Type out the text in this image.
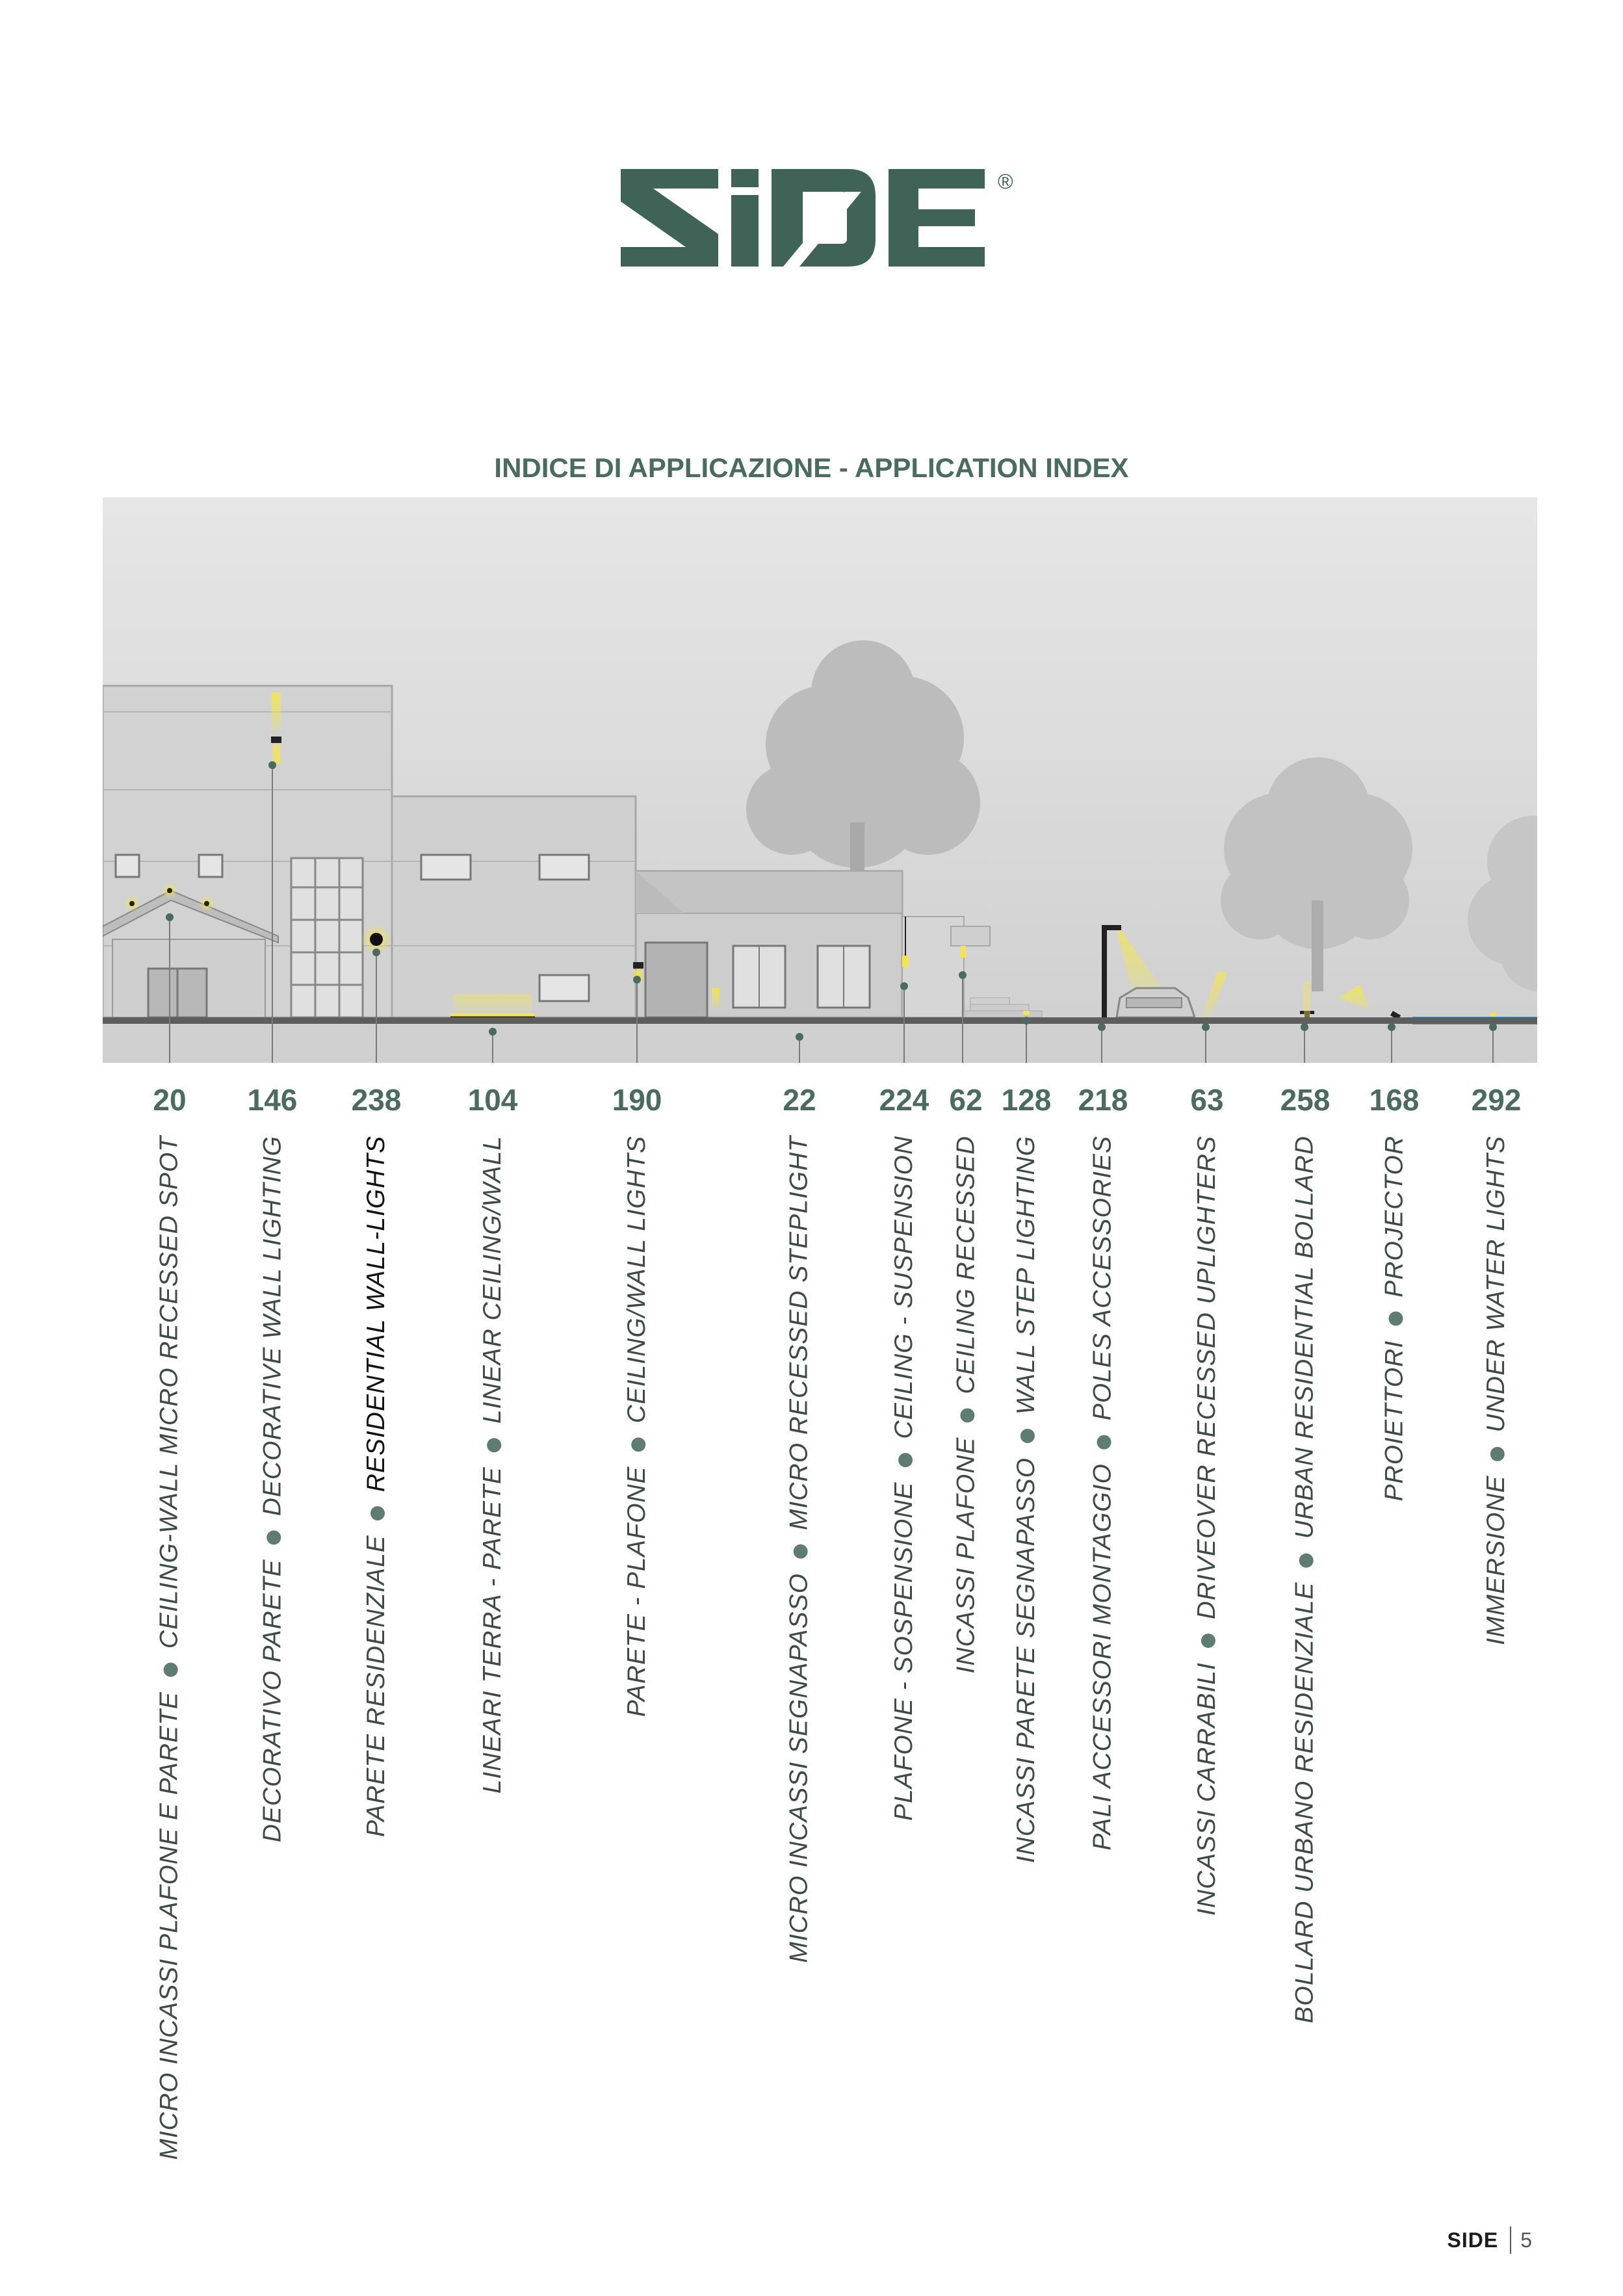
®
INDICE DI APPLICAZIONE - APPLICATION INDEX
20
MICRO INCASSI PLAFONE E PARETECEILING-WALL MICRO RECESSED SPOT
146
DECORATIVO PARETEDECORATIVE WALL LIGHTING
238
PARETE RESIDENZIALERESIDENTIAL WALL-LIGHTS
104
LINEARI TERRA - PARETELINEAR CEILING/WALL
190
PARETE - PLAFONECEILING/WALL LIGHTS
22
MICRO INCASSI SEGNAPASSOMICRO RECESSED STEPLIGHT
224
PLAFONE - SOSPENSIONECEILING - SUSPENSION
62
INCASSI PLAFONECEILING RECESSED
128
INCASSI PARETE SEGNAPASSOWALL STEP LIGHTING
218
PALI ACCESSORI MONTAGGIOPOLES ACCESSORIES
63
INCASSI CARRABILIDRIVEOVER RECESSED UPLIGHTERS
258
BOLLARD URBANO RESIDENZIALEURBAN RESIDENTIAL BOLLARD
168
PROIETTORIPROJECTOR
292
IMMERSIONEUNDER WATER LIGHTS
SIDE 5
